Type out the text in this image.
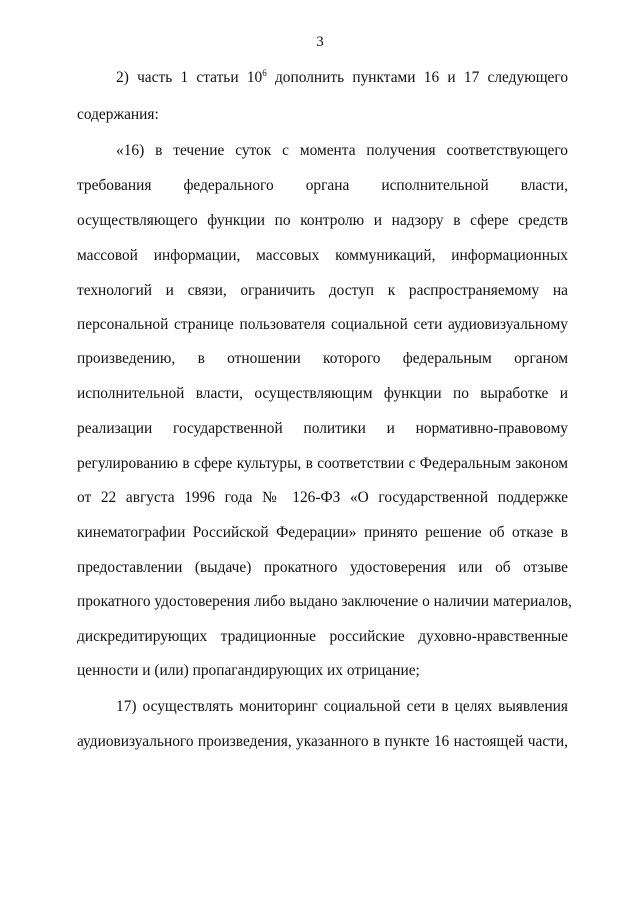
3
2) часть 1 статьи $10^6$ дополнить пунктами 16 и 17 следующего
содержания:
«16) в течение суток с момента получения соответствующего
требования федерального органа исполнительной власти,
осуществляющего функции по контролю и надзору в сфере средств
массовой информации, массовых коммуникаций, информационных
технологий и связи, ограничить доступ к распространяемому на
персональной странице пользователя социальной сети аудиовизуальному
произведению, в отношении которого федеральным органом
исполнительной власти, осуществляющим функции по выработке и
реализации государственной политики и нормативно-правовому
регулированию в сфере культуры, в соответствии с Федеральным законом
от 22 августа 1996 года № 126-ФЗ «О государственной поддержке
кинематографии Российской Федерации» принято решение об отказе в
предоставлении (выдаче) прокатного удостоверения или об отзыве
прокатного удостоверения либо выдано заключение о наличии материалов,
дискредитирующих традиционные российские духовно-нравственные
ценности и (или) пропагандирующих их отрицание;
17) осуществлять мониторинг социальной сети в целях выявления
аудиовизуального произведения, указанного в пункте 16 настоящей части,
